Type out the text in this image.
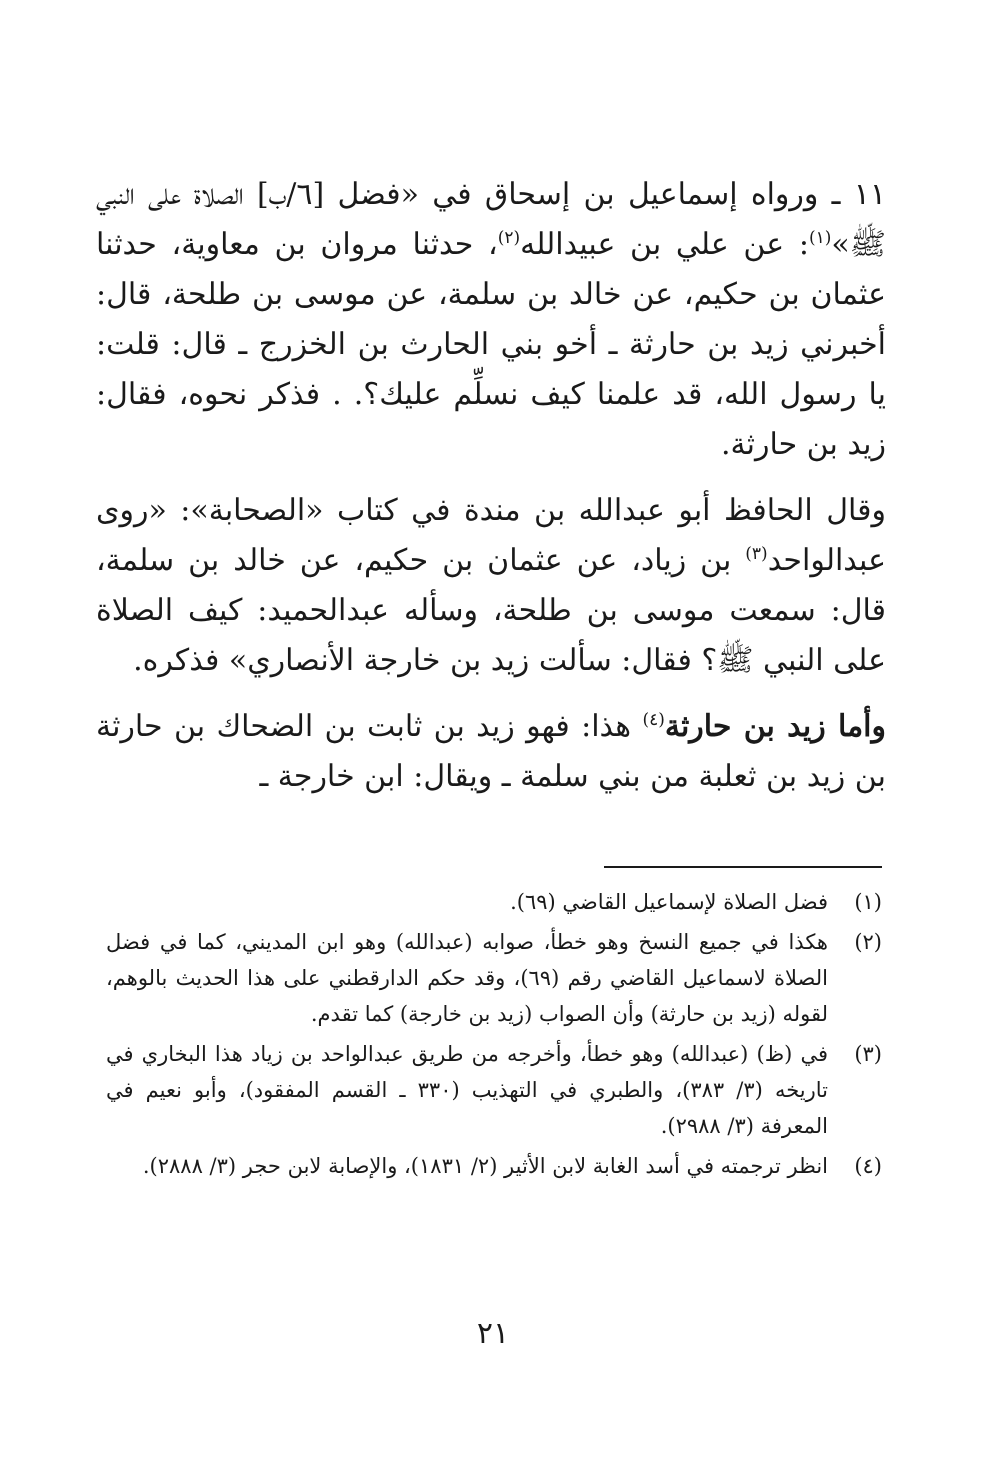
١١ ـ ورواه إسماعيل بن إسحاق في «فضل [٦/ب] الصلاة على النبي ﷺ»$^{(١)}$: عن علي بن عبيدالله$^{(٢)}$، حدثنا مروان بن معاوية، حدثنا عثمان بن حكيم، عن خالد بن سلمة، عن موسى بن طلحة، قال: أخبرني زيد بن حارثة ـ أخو بني الحارث بن الخزرج ـ قال: قلت: يا رسول الله، قد علمنا كيف نسلِّم عليك؟. . فذكر نحوه، فقال: زيد بن حارثة.

وقال الحافظ أبو عبدالله بن مندة في كتاب «الصحابة»: «روى عبدالواحد$^{(٣)}$ بن زياد، عن عثمان بن حكيم، عن خالد بن سلمة، قال: سمعت موسى بن طلحة، وسأله عبدالحميد: كيف الصلاة على النبي ﷺ؟ فقال: سألت زيد بن خارجة الأنصاري» فذكره.

وأما زيد بن حارثة$^{(٤)}$ هذا: فهو زيد بن ثابت بن الضحاك بن حارثة بن زيد بن ثعلبة من بني سلمة ـ ويقال: ابن خارجة ـ

(١)
فضل الصلاة لإسماعيل القاضي (٦٩).
(٢)
هكذا في جميع النسخ وهو خطأ، صوابه (عبدالله) وهو ابن المديني، كما في فضل الصلاة لاسماعيل القاضي رقم (٦٩)، وقد حكم الدارقطني على هذا الحديث بالوهم، لقوله (زيد بن حارثة) وأن الصواب (زيد بن خارجة) كما تقدم.
(٣)
في (ظ) (عبدالله) وهو خطأ، وأخرجه من طريق عبدالواحد بن زياد هذا البخاري في تاريخه (٣/ ٣٨٣)، والطبري في التهذيب (٣٣٠ ـ القسم المفقود)، وأبو نعيم في المعرفة (٣/ ٢٩٨٨).
(٤)
انظر ترجمته في أسد الغابة لابن الأثير (٢/ ١٨٣١)، والإصابة لابن حجر (٣/ ٢٨٨٨).
٢١
